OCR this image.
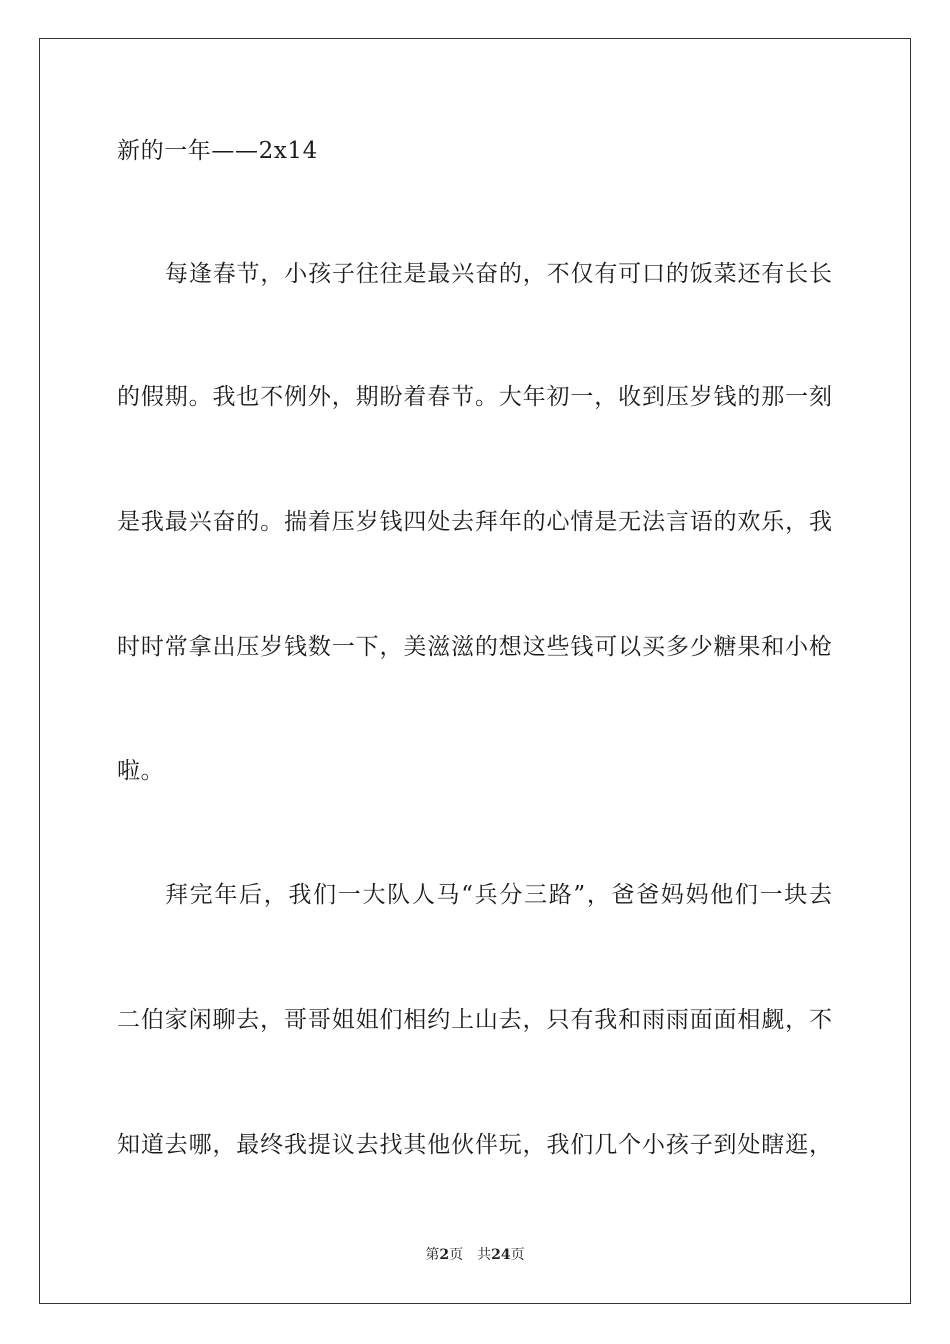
新的一年——2x14
每逢春节，小孩子往往是最兴奋的，不仅有可口的饭菜还有长长
的假期。我也不例外，期盼着春节。大年初一，收到压岁钱的那一刻
是我最兴奋的。揣着压岁钱四处去拜年的心情是无法言语的欢乐，我
时时常拿出压岁钱数一下，美滋滋的想这些钱可以买多少糖果和小枪
啦。
拜完年后，我们一大队人马“兵分三路”，爸爸妈妈他们一块去
二伯家闲聊去，哥哥姐姐们相约上山去，只有我和雨雨面面相觑，不
知道去哪，最终我提议去找其他伙伴玩，我们几个小孩子到处瞎逛，
第2页 共24页
